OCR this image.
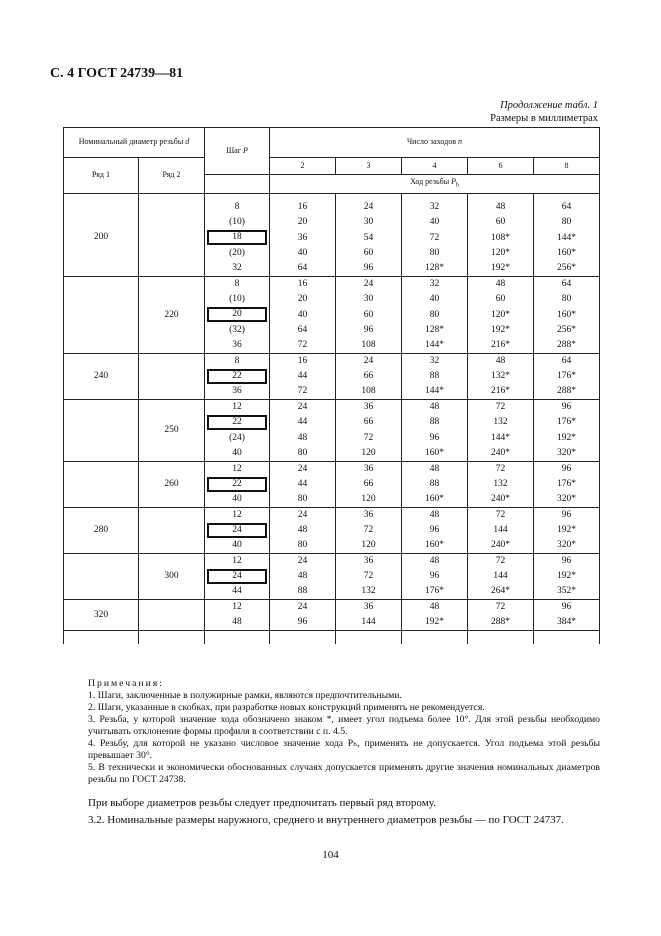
С. 4 ГОСТ 24739—81
Продолжение табл. 1
Размеры в миллиметрах
Номинальный диаметр резьбы d		Шаг P	Число заходов n				
Ряд 1	Ряд 2		2	3	4	6	8
			Ход резьбы $P_h$

200		8	16	24	32	48	64
		(10)	20	30	40	60	80

		18	36	54	72	108*	144*
		(20)	40	60	80	120*	160*
		32	64	96	128*	192*	256*
	220	8	16	24	32	48	64
		(10)	20	30	40	60	80

		20	40	60	80	120*	160*
		(32)	64	96	128*	192*	256*
		36	72	108	144*	216*	288*
240		8	16	24	32	48	64

		22	44	66	88	132*	176*
		36	72	108	144*	216*	288*
	250	12	24	36	48	72	96

		22	44	66	88	132	176*
		(24)	48	72	96	144*	192*
		40	80	120	160*	240*	320*
	260	12	24	36	48	72	96

		22	44	66	88	132	176*
		40	80	120	160*	240*	320*
280		12	24	36	48	72	96

		24	48	72	96	144	192*
		40	80	120	160*	240*	320*
	300	12	24	36	48	72	96

		24	48	72	96	144	192*
		44	88	132	176*	264*	352*
320		12	24	36	48	72	96
		48	96	144	192*	288*	384*

Примечания:

1. Шаги, заключенные в полужирные рамки, являются предпочтительными.

2. Шаги, указанные в скобках, при разработке новых конструкций применять не рекомендуется.

3. Резьба, у которой значение хода обозначено знаком *, имеет угол подъема более 10°. Для этой резьбы необходимо учитывать отклонение формы профиля в соответствии с п. 4.5.

4. Резьбу, для которой не указано числовое значение хода Pₕ, применять не допускается. Угол подъема этой резьбы превышает 30°.

5. В технически и экономически обоснованных случаях допускается применять другие значения номинальных диаметров резьбы по ГОСТ 24738.

При выборе диаметров резьбы следует предпочитать первый ряд второму.
3.2. Номинальные размеры наружного, среднего и внутреннего диаметров резьбы — по ГОСТ 24737.
104
